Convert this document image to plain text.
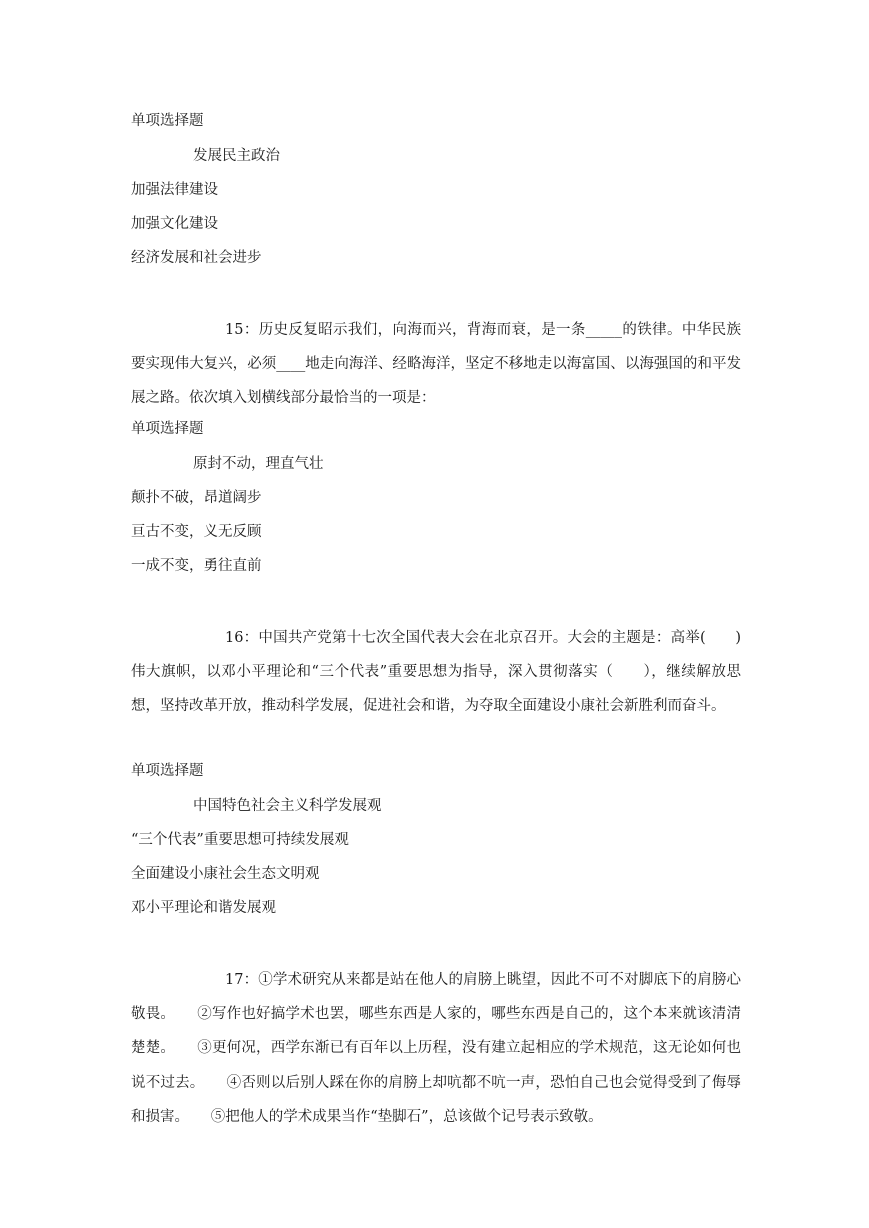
单项选择题
发展民主政治
加强法律建设
加强文化建设
经济发展和社会进步

15：历史反复昭示我们，向海而兴，背海而衰，是一条_____的铁律。中华民族要实现伟大复兴，必须____地走向海洋、经略海洋，坚定不移地走以海富国、以海强国的和平发展之路。依次填入划横线部分最恰当的一项是：

单项选择题
原封不动，理直气壮
颠扑不破，昂道阔步
亘古不变，义无反顾
一成不变，勇往直前

16：中国共产党第十七次全国代表大会在北京召开。大会的主题是：高举(　　)伟大旗帜，以邓小平理论和“三个代表”重要思想为指导，深入贯彻落实（　　），继续解放思想，坚持改革开放，推动科学发展，促进社会和谐，为夺取全面建设小康社会新胜利而奋斗。

单项选择题
中国特色社会主义科学发展观
“三个代表”重要思想可持续发展观
全面建设小康社会生态文明观
邓小平理论和谐发展观

17：①学术研究从来都是站在他人的肩膀上眺望，因此不可不对脚底下的肩膀心敬畏。　　②写作也好搞学术也罢，哪些东西是人家的，哪些东西是自己的，这个本来就该清清楚楚。　　③更何况，西学东渐已有百年以上历程，没有建立起相应的学术规范，这无论如何也说不过去。　　④否则以后别人踩在你的肩膀上却吭都不吭一声，恐怕自己也会觉得受到了侮辱和损害。　　⑤把他人的学术成果当作“垫脚石”，总该做个记号表示致敬。
